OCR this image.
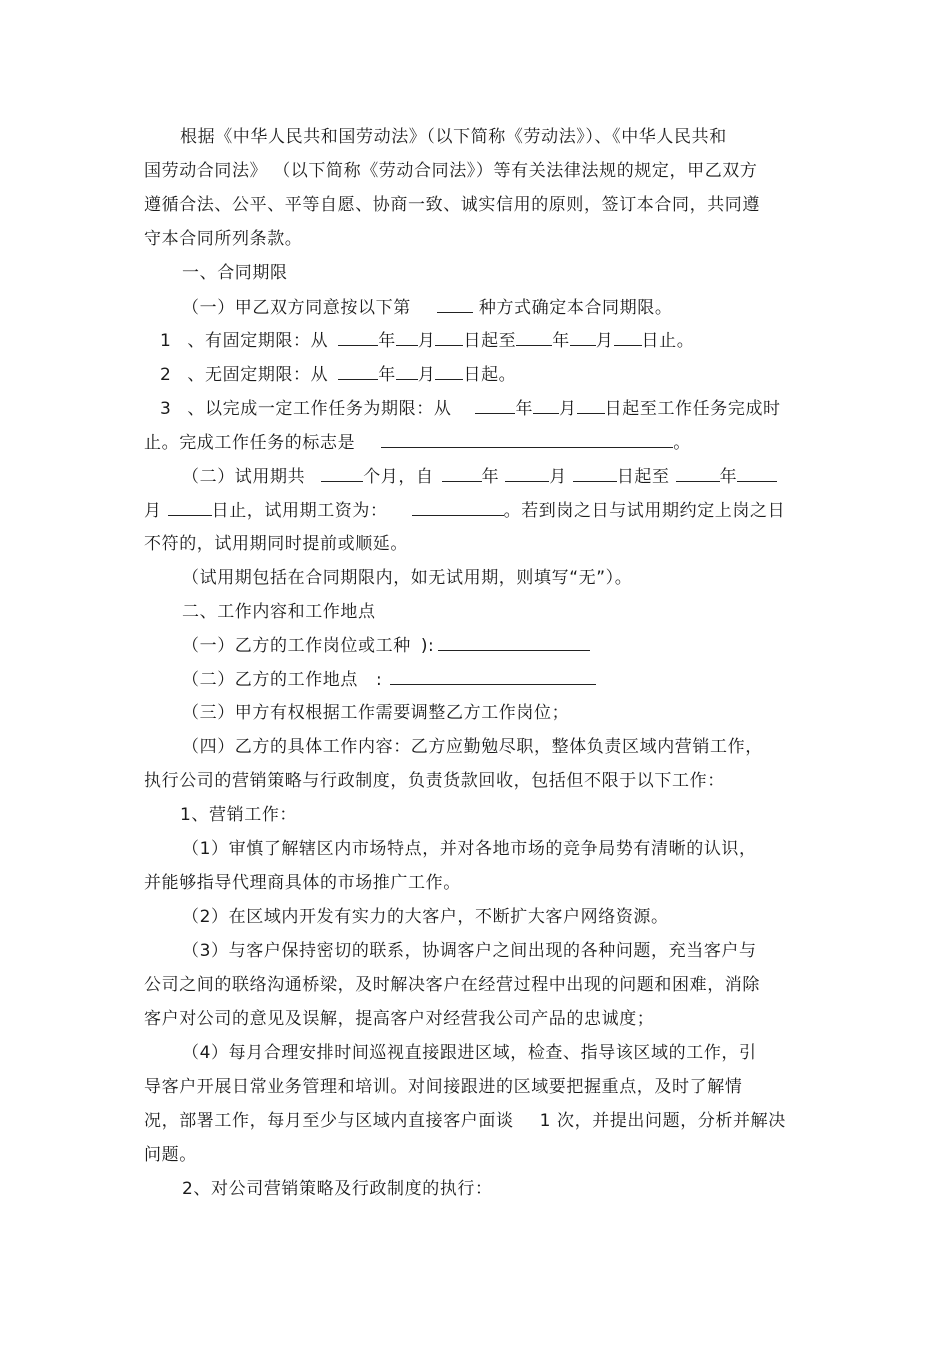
根据《中华人民共和国劳动法》（以下简称《劳动法》）、《中华人民共和
国劳动合同法》 （以下简称《劳动合同法》）等有关法律法规的规定，甲乙双方
遵循合法、公平、平等自愿、协商一致、诚实信用的原则，签订本合同，共同遵
守本合同所列条款。
一、合同期限
（一）甲乙双方同意按以下第	种方式确定本合同期限。
1 、有固定期限：从	年 月 日起至 年 月 日止。
2 、无固定期限：从	年 月 日起。
3 、以完成一定工作任务为期限：从	年 月 日起至工作任务完成时
止。完成工作任务的标志是	。
（二）试用期共	个月，自	年	月	日起至	年
月	日止，试用期工资为：	。若到岗之日与试用期约定上岗之日
不符的，试用期同时提前或顺延。
（试用期包括在合同期限内，如无试用期，则填写“无”）。
二、工作内容和工作地点
（一）乙方的工作岗位或工种 ):
（二）乙方的工作地点 :
（三）甲方有权根据工作需要调整乙方工作岗位；
（四）乙方的具体工作内容：乙方应勤勉尽职，整体负责区域内营销工作，
执行公司的营销策略与行政制度，负责货款回收，包括但不限于以下工作：
1、营销工作：
（1）审慎了解辖区内市场特点，并对各地市场的竞争局势有清晰的认识，
并能够指导代理商具体的市场推广工作。
（2）在区域内开发有实力的大客户，不断扩大客户网络资源。
（3）与客户保持密切的联系，协调客户之间出现的各种问题，充当客户与
公司之间的联络沟通桥梁，及时解决客户在经营过程中出现的问题和困难，消除
客户对公司的意见及误解，提高客户对经营我公司产品的忠诚度；
（4）每月合理安排时间巡视直接跟进区域，检查、指导该区域的工作，引
导客户开展日常业务管理和培训。对间接跟进的区域要把握重点，及时了解情
况，部署工作，每月至少与区域内直接客户面谈 1 次，并提出问题，分析并解决
问题。
2、对公司营销策略及行政制度的执行：
